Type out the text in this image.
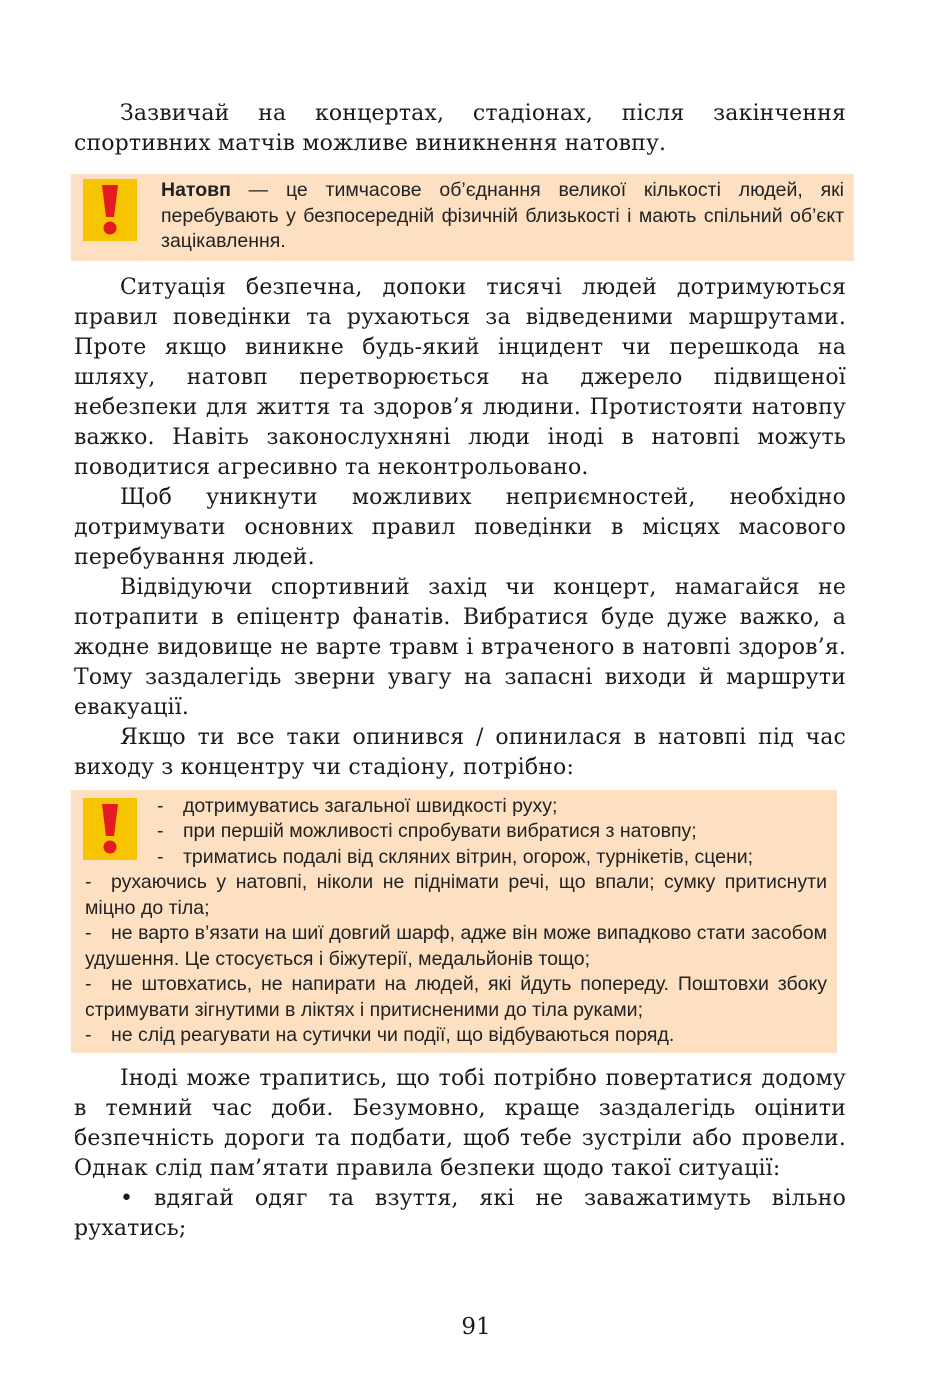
Зазвичай на концертах, стадіонах, після закінчення спортивних матчів можливе виникнення натовпу.

Натовп — це тимчасове об’єднання великої кількості людей, які перебувають у безпосередній фізичній близькості і мають спільний об’єкт зацікавлення.

Ситуація безпечна, допоки тисячі людей дотримуються правил поведінки та рухаються за відведеними маршрутами. Проте якщо виникне будь-який інцидент чи перешкода на шляху, натовп перетворюється на джерело підвищеної небезпеки для життя та здоров’я людини. Протистояти натовпу важко. Навіть законослухняні люди іноді в натовпі можуть поводитися агресивно та неконтрольовано.

Щоб уникнути можливих неприємностей, необхідно дотримувати основних правил поведінки в місцях масового перебування людей.

Відвідуючи спортивний захід чи концерт, намагайся не потрапити в епіцентр фанатів. Вибратися буде дуже важко, а жодне видовище не варте травм і втраченого в натовпі здоров’я. Тому заздалегідь зверни увагу на запасні виходи й маршрути евакуації.

Якщо ти все таки опинився / опинилася в натовпі під час виходу з концентру чи стадіону, потрібно:

- дотримуватись загальної швидкості руху;
- при першій можливості спробувати вибратися з натовпу;
- триматись подалі від скляних вітрин, огорож, турнікетів, сцени;
- рухаючись у натовпі, ніколи не піднімати речі, що впали; сумку притиснути міцно до тіла;
- не варто в’язати на шиї довгий шарф, адже він може випадково стати засобом удушення. Це стосується і біжутерії, медальйонів тощо;
- не штовхатись, не напирати на людей, які йдуть попереду. Поштовхи збоку стримувати зігнутими в ліктях і притисненими до тіла руками;
- не слід реагувати на сутички чи події, що відбуваються поряд.

Іноді може трапитись, що тобі потрібно повертатися додому в темний час доби. Безумовно, краще заздалегідь оцінити безпечність дороги та подбати, щоб тебе зустріли або провели. Однак слід пам’ятати правила безпеки щодо такої ситуації:

• вдягай одяг та взуття, які не заважатимуть вільно рухатись;

91
